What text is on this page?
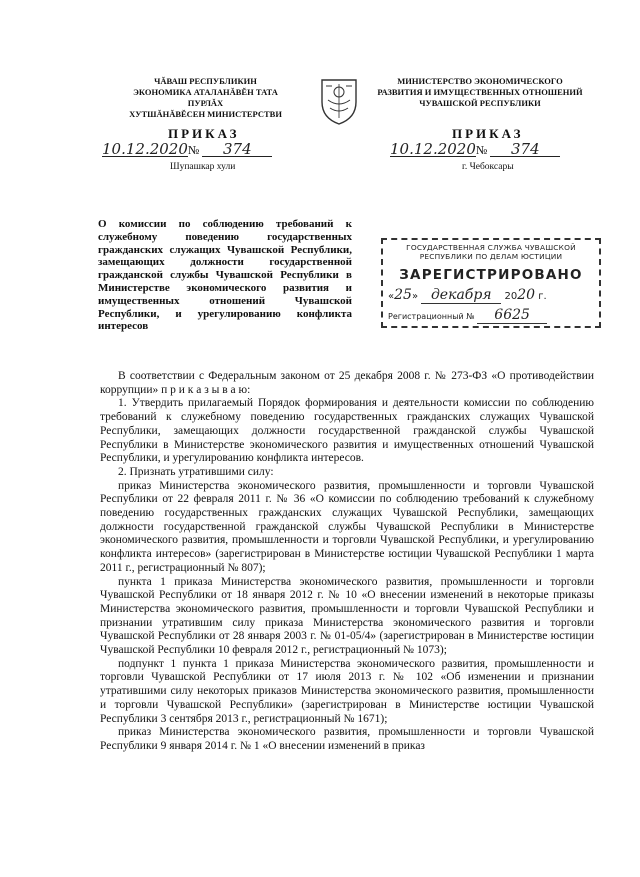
ЧĂВАШ РЕСПУБЛИКИН
ЭКОНОМИКА АТАЛАНĂВĔН ТАТА ПУРЛĂХ
ХУТШĂНĂВĔСЕН МИНИСТЕРСТВИ
МИНИСТЕРСТВО ЭКОНОМИЧЕСКОГО
РАЗВИТИЯ И ИМУЩЕСТВЕННЫХ ОТНОШЕНИЙ
ЧУВАШСКОЙ РЕСПУБЛИКИ
ПРИКАЗ	ПРИКАЗ
10.12.2020№ 374	10.12.2020№ 374
Шупашкар хули	г. Чебоксары
О комиссии по соблюдению требований к служебному поведению государственных гражданских служащих Чувашской Республики, замещающих должности государственной гражданской службы Чувашской Республики в Министерстве экономического развития и имущественных отношений Чувашской Республики, и урегулированию конфликта интересов
ГОСУДАРСТВЕННАЯ СЛУЖБА ЧУВАШСКОЙ
РЕСПУБЛИКИ ПО ДЕЛАМ ЮСТИЦИИ
ЗАРЕГИСТРИРОВАНО
«25» декабря 2020 г.
Регистрационный № 6625

В соответствии с Федеральным законом от 25 декабря 2008 г. № 273-ФЗ «О противодействии коррупции» п р и к а з ы в а ю:

1. Утвердить прилагаемый Порядок формирования и деятельности комиссии по соблюдению требований к служебному поведению государственных гражданских служащих Чувашской Республики, замещающих должности государственной гражданской службы Чувашской Республики в Министерстве экономического развития и имущественных отношений Чувашской Республики, и урегулированию конфликта интересов.

2. Признать утратившими силу:

приказ Министерства экономического развития, промышленности и торговли Чувашской Республики от 22 февраля 2011 г. № 36 «О комиссии по соблюдению требований к служебному поведению государственных гражданских служащих Чувашской Республики, замещающих должности государственной гражданской службы Чувашской Республики в Министерстве экономического развития, промышленности и торговли Чувашской Республики, и урегулированию конфликта интересов» (зарегистрирован в Министерстве юстиции Чувашской Республики 1 марта 2011 г., регистрационный № 807);

пункта 1 приказа Министерства экономического развития, промышленности и торговли Чувашской Республики от 18 января 2012 г. № 10 «О внесении изменений в некоторые приказы Министерства экономического развития, промышленности и торговли Чувашской Республики и признании утратившим силу приказа Министерства экономического развития и торговли Чувашской Республики от 28 января 2003 г. № 01-05/4» (зарегистрирован в Министерстве юстиции Чувашской Республики 10 февраля 2012 г., регистрационный № 1073);

подпункт 1 пункта 1 приказа Министерства экономического развития, промышленности и торговли Чувашской Республики от 17 июля 2013 г. № 102 «Об изменении и признании утратившими силу некоторых приказов Министерства экономического развития, промышленности и торговли Чувашской Республики» (зарегистрирован в Министерстве юстиции Чувашской Республики 3 сентября 2013 г., регистрационный № 1671);

приказ Министерства экономического развития, промышленности и торговли Чувашской Республики 9 января 2014 г. № 1 «О внесении изменений в приказ
